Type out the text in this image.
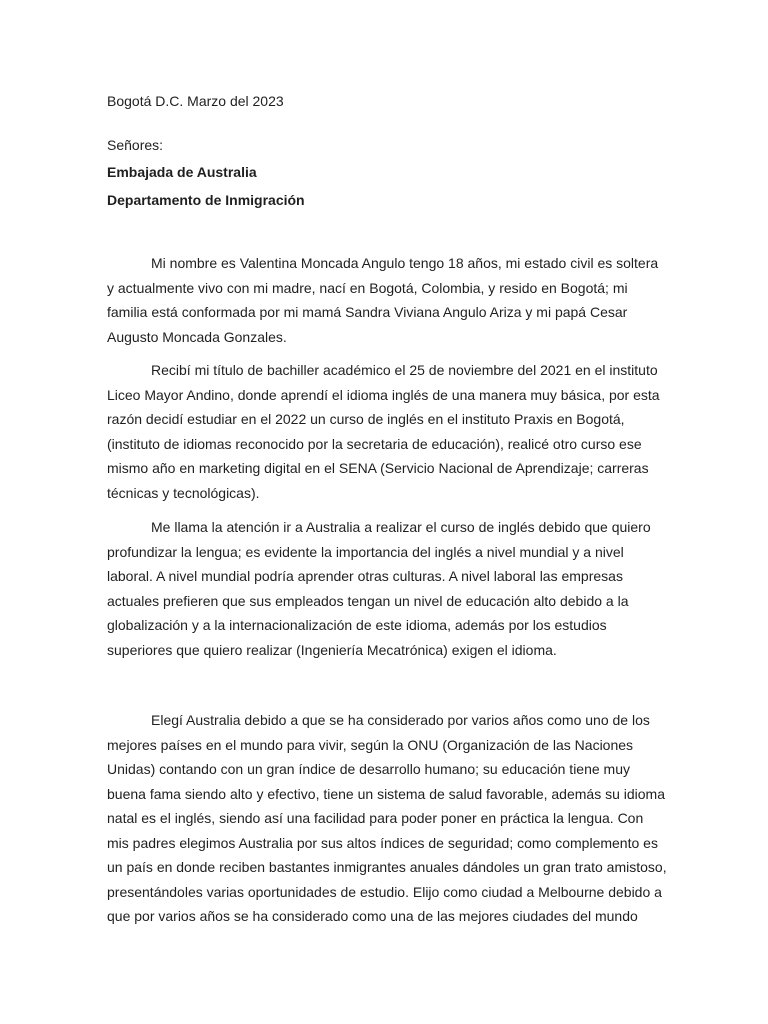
Bogotá D.C. Marzo del 2023
Señores:
Embajada de Australia
Departamento de Inmigración

Mi nombre es Valentina Moncada Angulo tengo 18 años, mi estado civil es soltera y actualmente vivo con mi madre, nací en Bogotá, Colombia, y resido en Bogotá; mi familia está conformada por mi mamá Sandra Viviana Angulo Ariza y mi papá Cesar Augusto Moncada Gonzales.

Recibí mi título de bachiller académico el 25 de noviembre del 2021 en el instituto Liceo Mayor Andino, donde aprendí el idioma inglés de una manera muy básica, por esta razón decidí estudiar en el 2022 un curso de inglés en el instituto Praxis en Bogotá, (instituto de idiomas reconocido por la secretaria de educación), realicé otro curso ese mismo año en marketing digital en el SENA (Servicio Nacional de Aprendizaje; carreras técnicas y tecnológicas).

Me llama la atención ir a Australia a realizar el curso de inglés debido que quiero profundizar la lengua; es evidente la importancia del inglés a nivel mundial y a nivel laboral. A nivel mundial podría aprender otras culturas. A nivel laboral las empresas actuales prefieren que sus empleados tengan un nivel de educación alto debido a la globalización y a la internacionalización de este idioma, además por los estudios superiores que quiero realizar (Ingeniería Mecatrónica) exigen el idioma.

Elegí Australia debido a que se ha considerado por varios años como uno de los mejores países en el mundo para vivir, según la ONU (Organización de las Naciones Unidas) contando con un gran índice de desarrollo humano; su educación tiene muy buena fama siendo alto y efectivo, tiene un sistema de salud favorable, además su idioma natal es el inglés, siendo así una facilidad para poder poner en práctica la lengua. Con mis padres elegimos Australia por sus altos índices de seguridad; como complemento es un país en donde reciben bastantes inmigrantes anuales dándoles un gran trato amistoso, presentándoles varias oportunidades de estudio. Elijo como ciudad a Melbourne debido a que por varios años se ha considerado como una de las mejores ciudades del mundo
